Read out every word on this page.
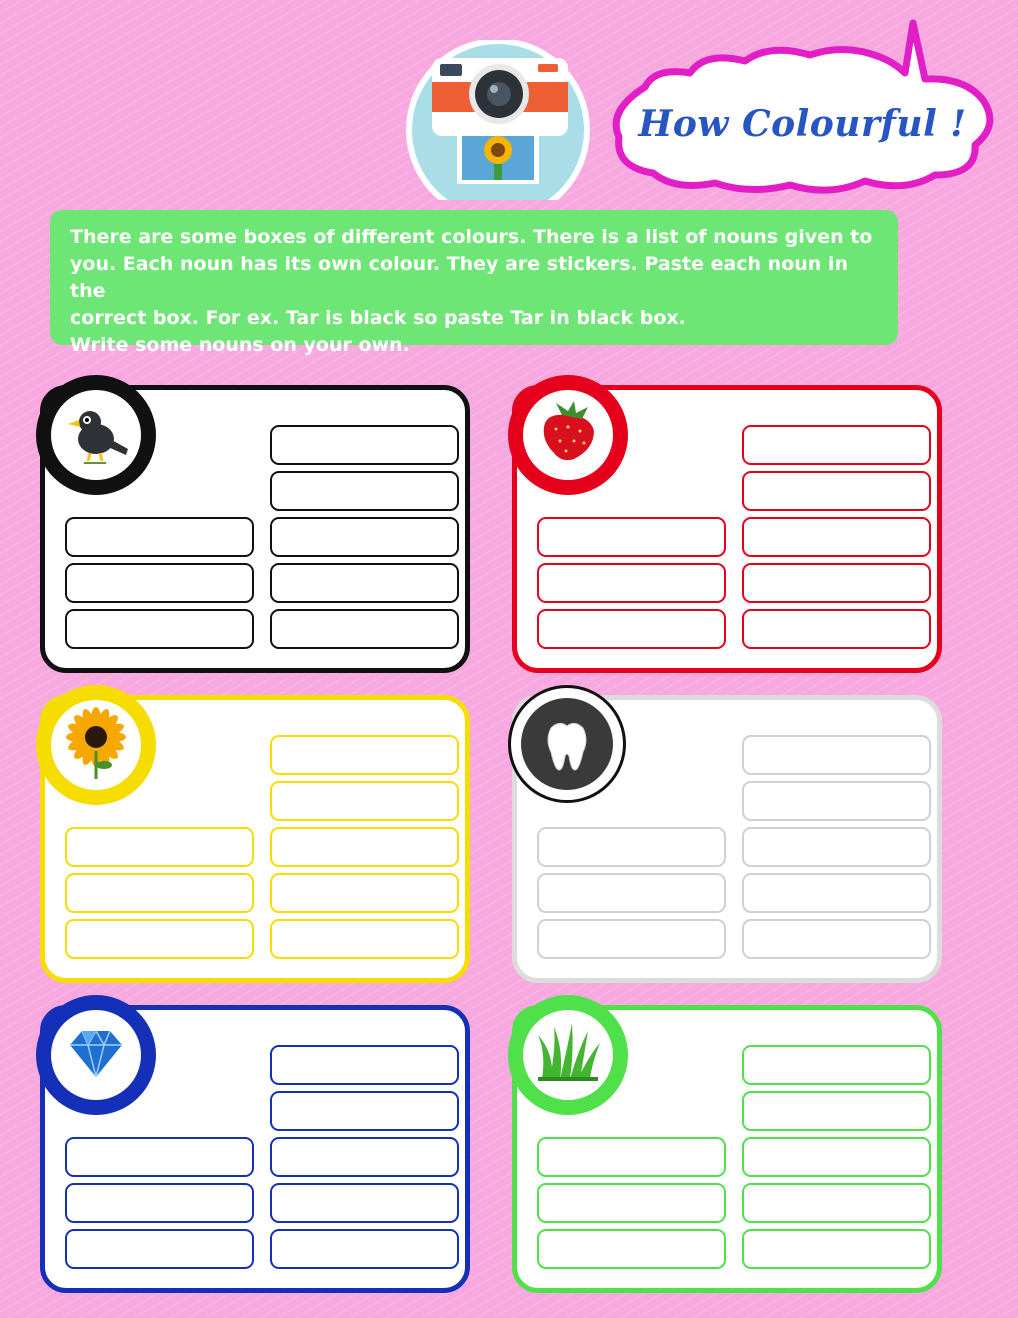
How Colourful !

There are some boxes of different colours. There is a list of nouns given to

you. Each noun has its own colour. They are stickers. Paste each noun in the

correct box. For ex. Tar is black so paste Tar in black box.

Write some nouns on your own.
